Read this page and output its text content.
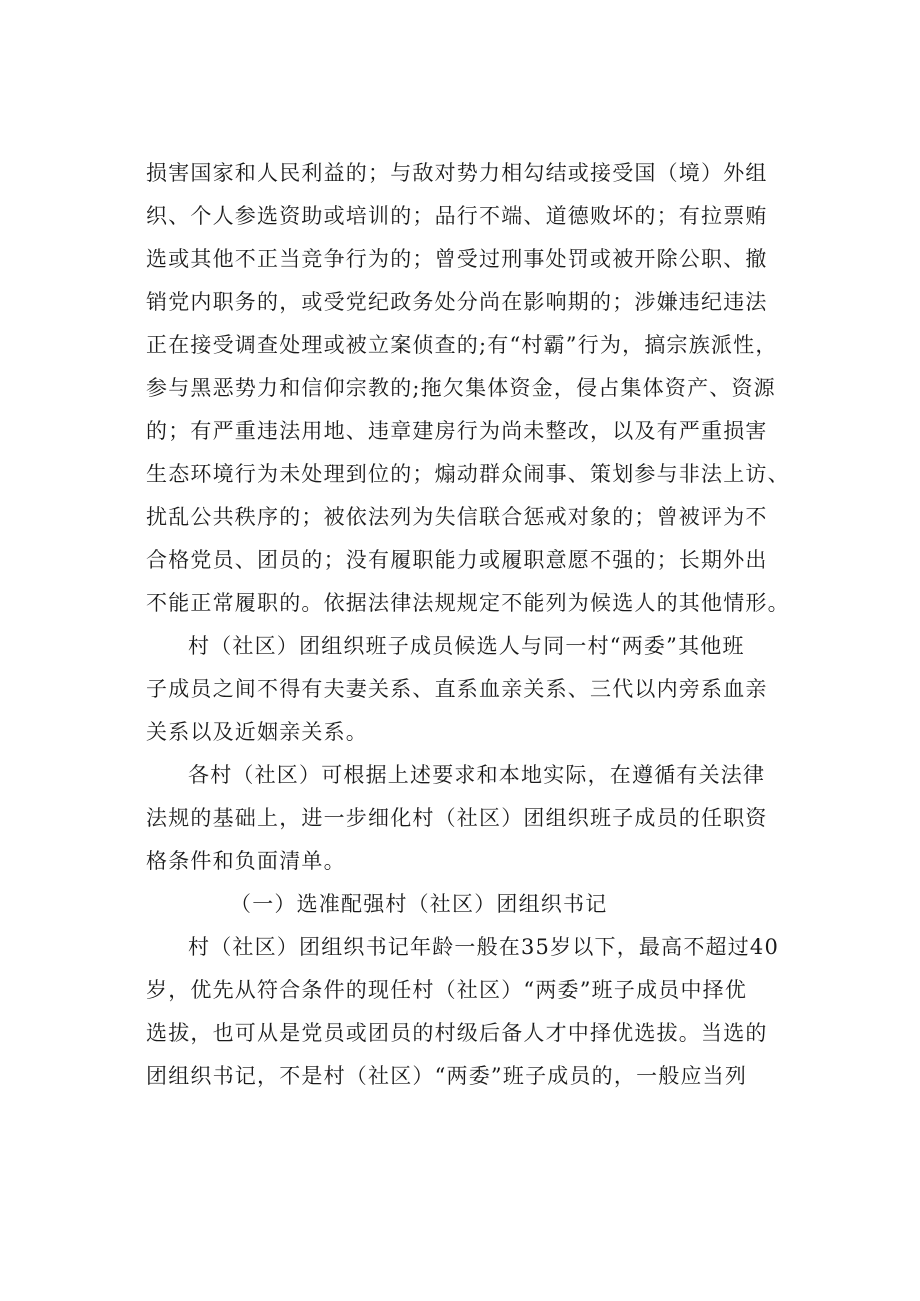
损害国家和人民利益的；与敌对势力相勾结或接受国（境）外组
织、个人参选资助或培训的；品行不端、道德败坏的；有拉票贿
选或其他不正当竞争行为的；曾受过刑事处罚或被开除公职、撤
销党内职务的，或受党纪政务处分尚在影响期的；涉嫌违纪违法
正在接受调查处理或被立案侦查的;有“村霸”行为，搞宗族派性，
参与黑恶势力和信仰宗教的;拖欠集体资金，侵占集体资产、资源
的；有严重违法用地、违章建房行为尚未整改，以及有严重损害
生态环境行为未处理到位的；煽动群众闹事、策划参与非法上访、
扰乱公共秩序的；被依法列为失信联合惩戒对象的；曾被评为不
合格党员、团员的；没有履职能力或履职意愿不强的；长期外出
不能正常履职的。依据法律法规规定不能列为候选人的其他情形。
村（社区）团组织班子成员候选人与同一村“两委”其他班
子成员之间不得有夫妻关系、直系血亲关系、三代以内旁系血亲
关系以及近姻亲关系。
各村（社区）可根据上述要求和本地实际，在遵循有关法律
法规的基础上，进一步细化村（社区）团组织班子成员的任职资
格条件和负面清单。
（一）选准配强村（社区）团组织书记
村（社区）团组织书记年龄一般在35岁以下，最高不超过40
岁，优先从符合条件的现任村（社区）“两委”班子成员中择优
选拔，也可从是党员或团员的村级后备人才中择优选拔。当选的
团组织书记，不是村（社区）“两委”班子成员的，一般应当列
